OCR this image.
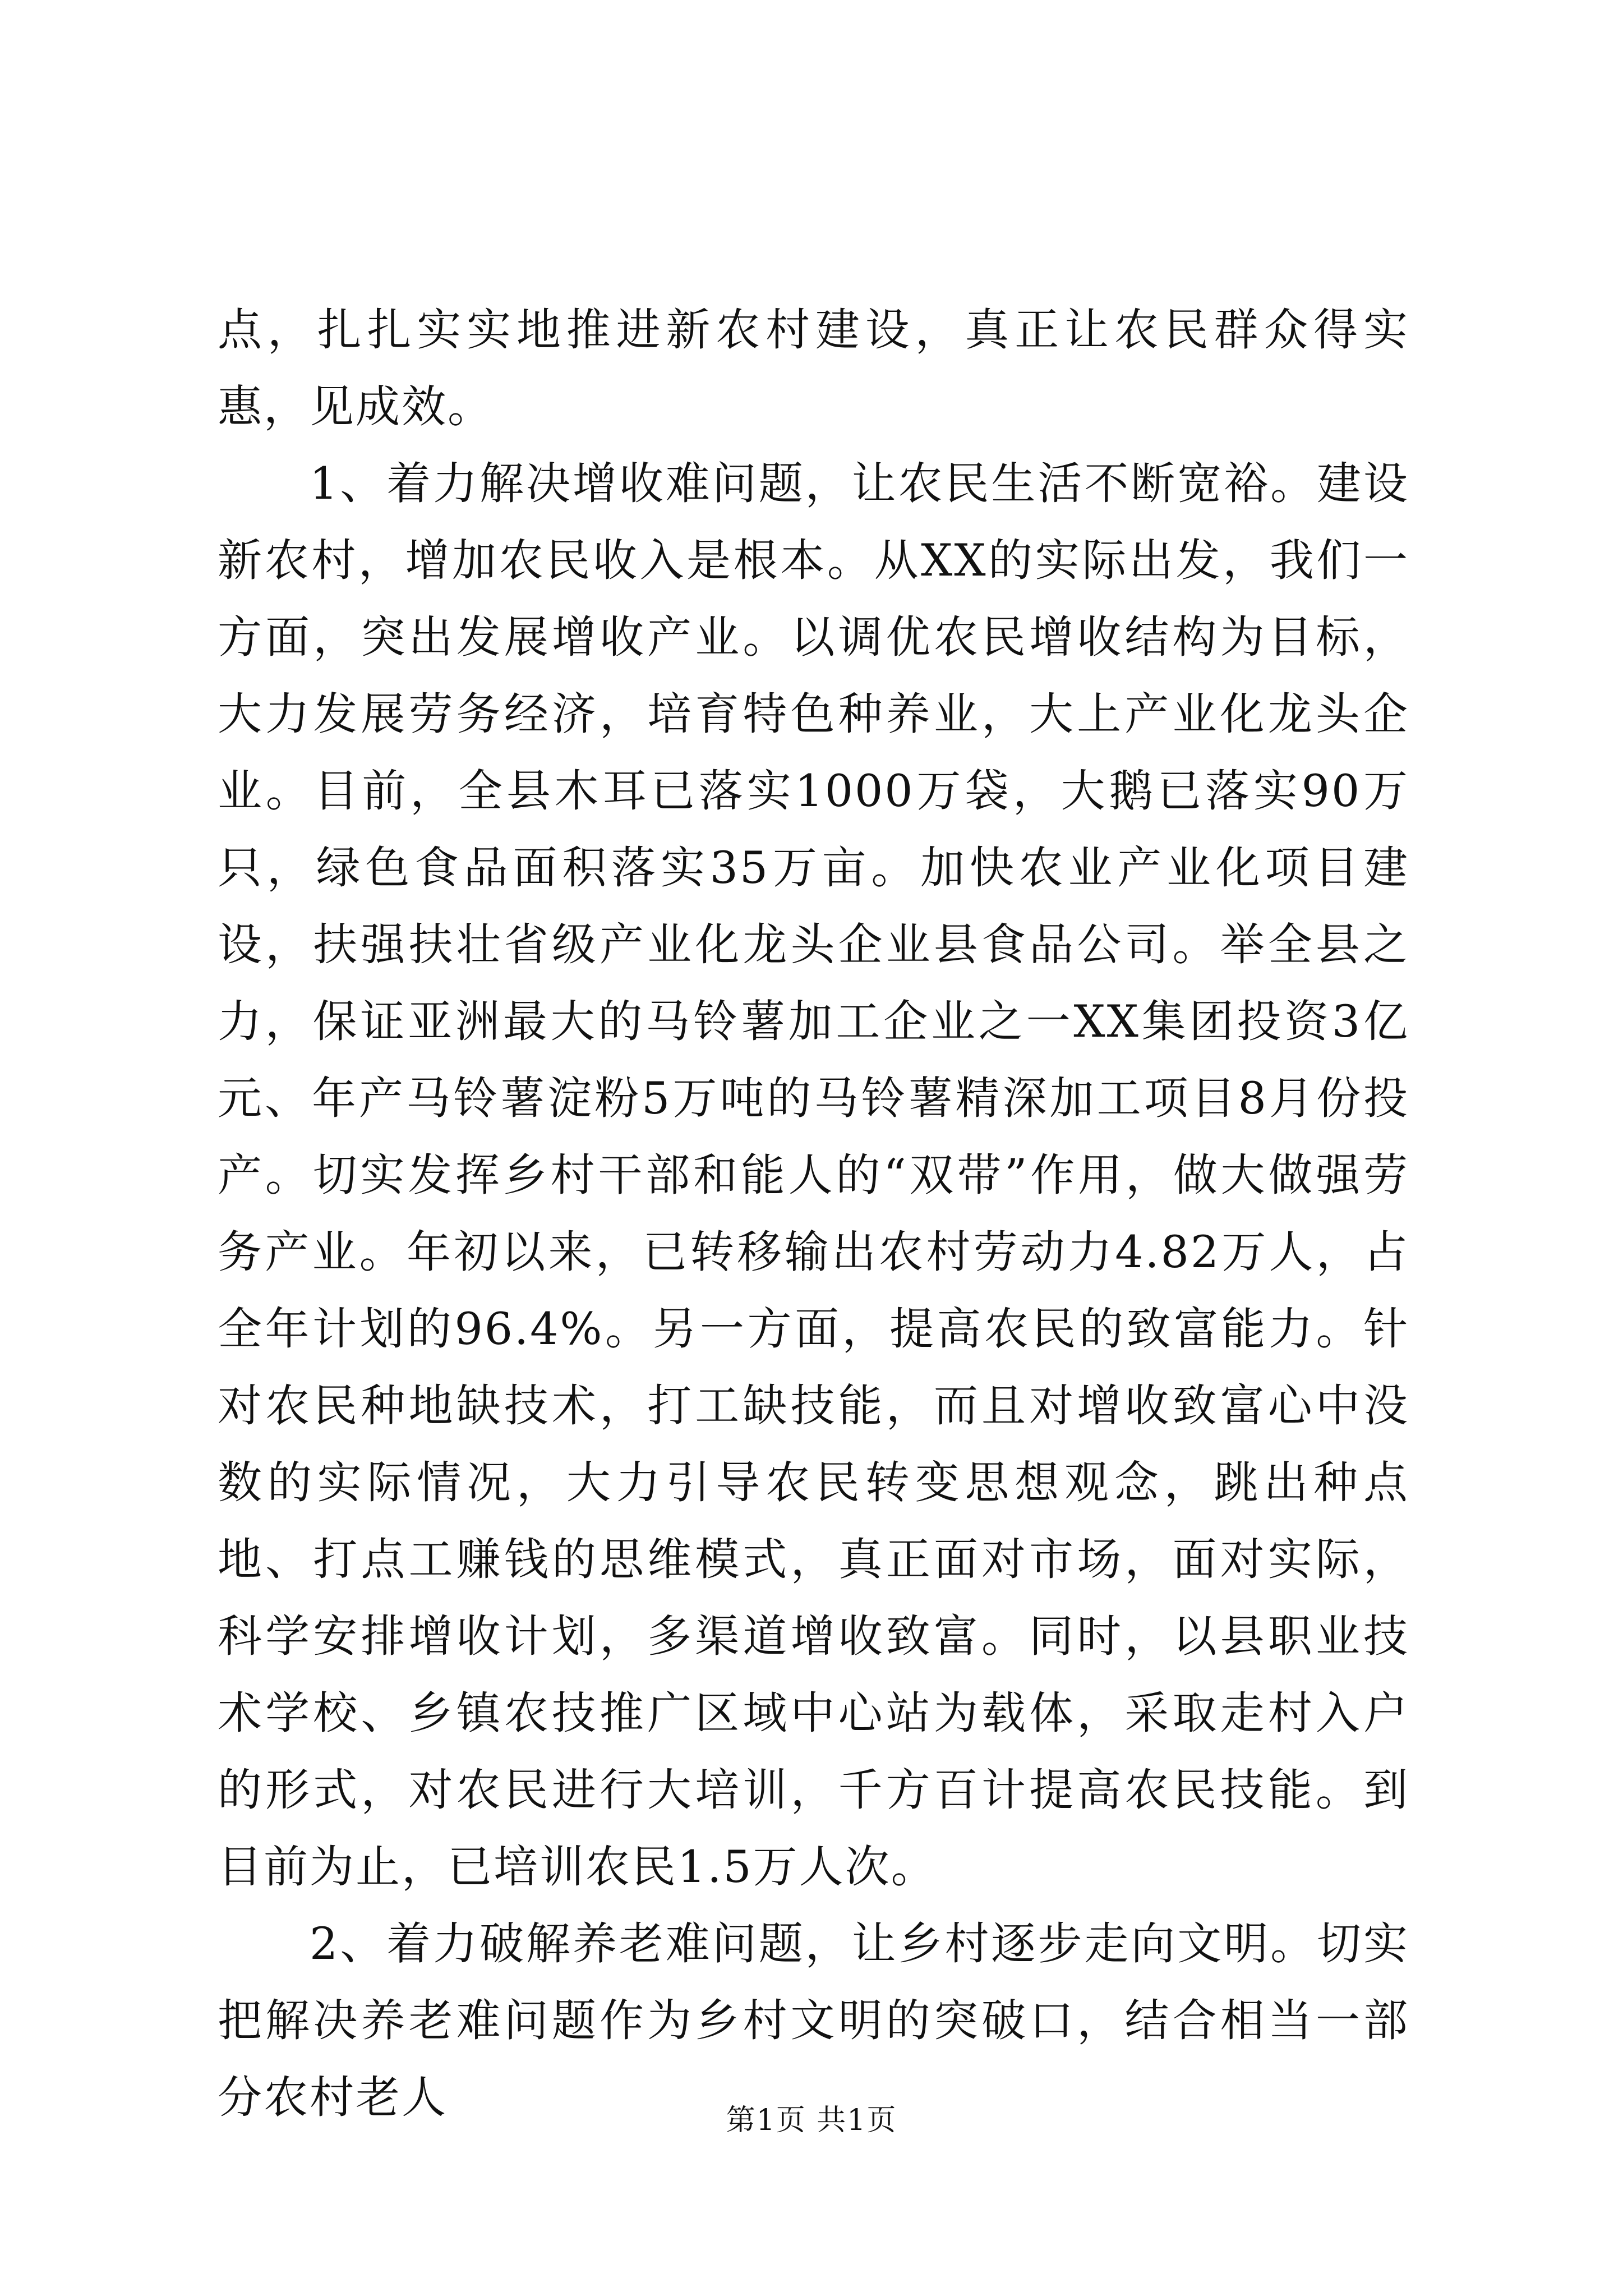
点，扎扎实实地推进新农村建设，真正让农民群众得实惠，见成效。

1、着力解决增收难问题，让农民生活不断宽裕。建设新农村，增加农民收入是根本。从XX的实际出发，我们一方面，突出发展增收产业。以调优农民增收结构为目标，大力发展劳务经济，培育特色种养业，大上产业化龙头企业。目前，全县木耳已落实1000万袋，大鹅已落实90万只，绿色食品面积落实35万亩。加快农业产业化项目建设，扶强扶壮省级产业化龙头企业县食品公司。举全县之力，保证亚洲最大的马铃薯加工企业之一XX集团投资3亿元、年产马铃薯淀粉5万吨的马铃薯精深加工项目8月份投产。切实发挥乡村干部和能人的“双带”作用，做大做强劳务产业。年初以来，已转移输出农村劳动力4.82万人，占全年计划的96.4%。另一方面，提高农民的致富能力。针对农民种地缺技术，打工缺技能，而且对增收致富心中没数的实际情况，大力引导农民转变思想观念，跳出种点地、打点工赚钱的思维模式，真正面对市场，面对实际，科学安排增收计划，多渠道增收致富。同时，以县职业技术学校、乡镇农技推广区域中心站为载体，采取走村入户的形式，对农民进行大培训，千方百计提高农民技能。到目前为止，已培训农民1.5万人次。

2、着力破解养老难问题，让乡村逐步走向文明。切实把解决养老难问题作为乡村文明的突破口，结合相当一部分农村老人	第1页 共1页
